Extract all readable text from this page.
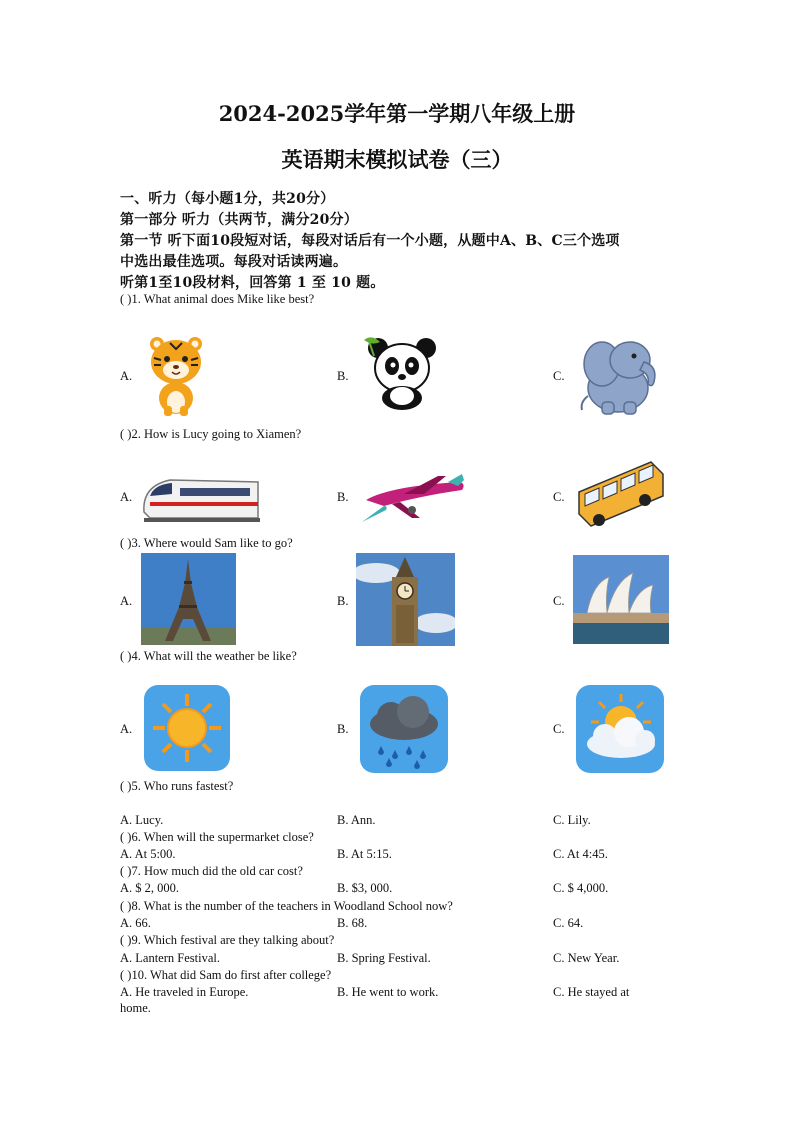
2024-2025学年第一学期八年级上册
英语期末模拟试卷（三）
一、听力（每小题1分，共20分）
第一部分 听力（共两节，满分20分）
第一节 听下面10段短对话，每段对话后有一个小题，从题中A、B、C三个选项
中选出最佳选项。每段对话读两遍。
听第1至10段材料，回答第 1 至 10 题。
( )1. What animal does Mike like best?
A.	B.	C.
( )2. How is Lucy going to Xiamen?
A.	B.	C.
( )3. Where would Sam like to go?
A.	B.	C.
( )4. What will the weather be like?
A.	B.	C.
( )5. Who runs fastest?
A. Lucy.	B. Ann.	C. Lily.
( )6. When will the supermarket close?
A. At 5:00.	B. At 5:15.	C. At 4:45.
( )7. How much did the old car cost?
A. $ 2, 000.	B. $3, 000.	C. $ 4,000.
( )8. What is the number of the teachers in Woodland School now?
A. 66.	B. 68.	C. 64.
( )9. Which festival are they talking about?
A. Lantern Festival.	B. Spring Festival.	C. New Year.
( )10. What did Sam do first after college?
A. He traveled in Europe.	B. He went to work.	C. He stayed at
home.
